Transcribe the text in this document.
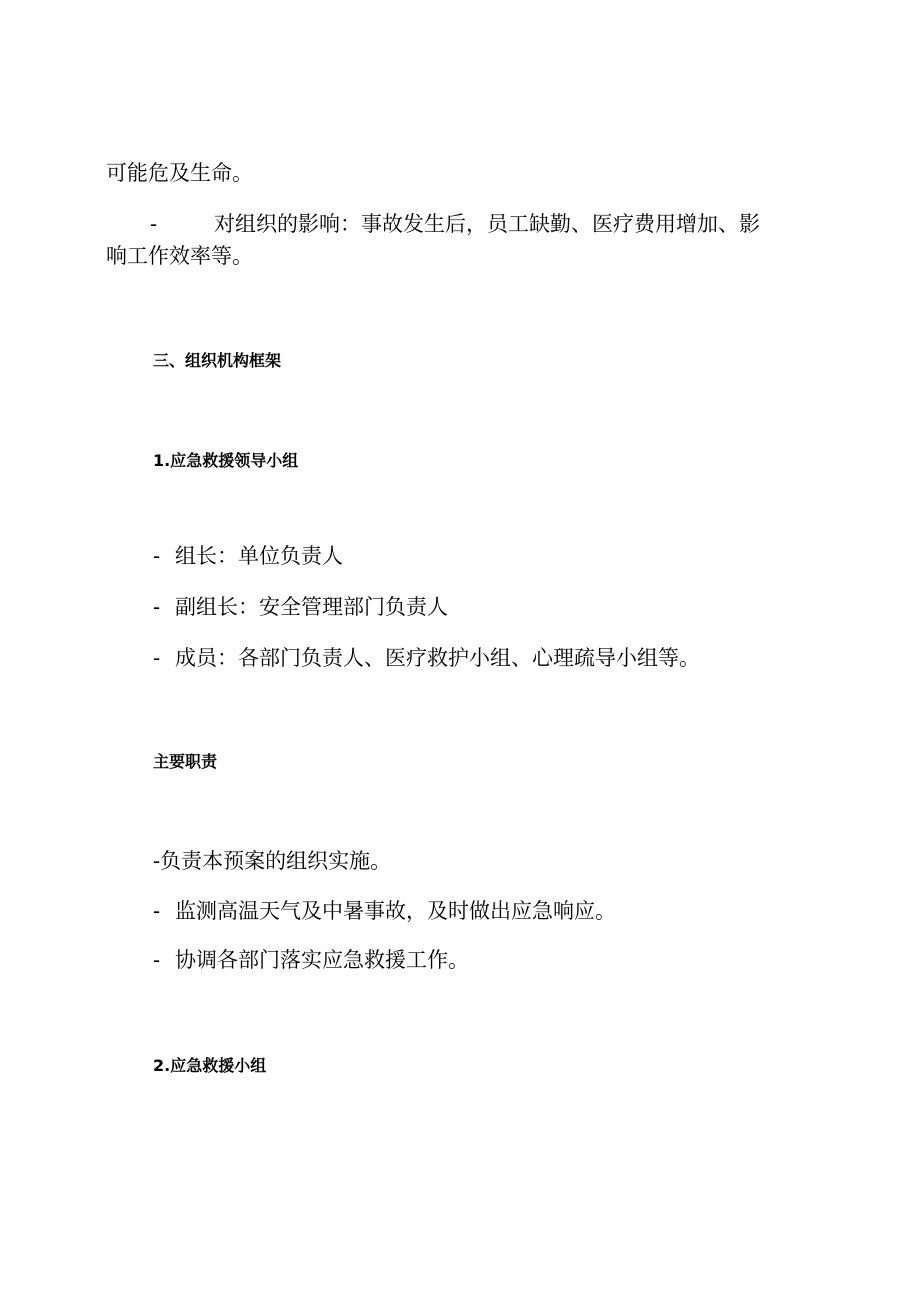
可能危及生命。

-	对组织的影响：事故发生后，员工缺勤、医疗费用增加、影

响工作效率等。

三、组织机构框架
1.应急救援领导小组

- 组长：单位负责人

- 副组长：安全管理部门负责人

- 成员：各部门负责人、医疗救护小组、心理疏导小组等。

主要职责

-负责本预案的组织实施。

- 监测高温天气及中暑事故，及时做出应急响应。

- 协调各部门落实应急救援工作。

2.应急救援小组
